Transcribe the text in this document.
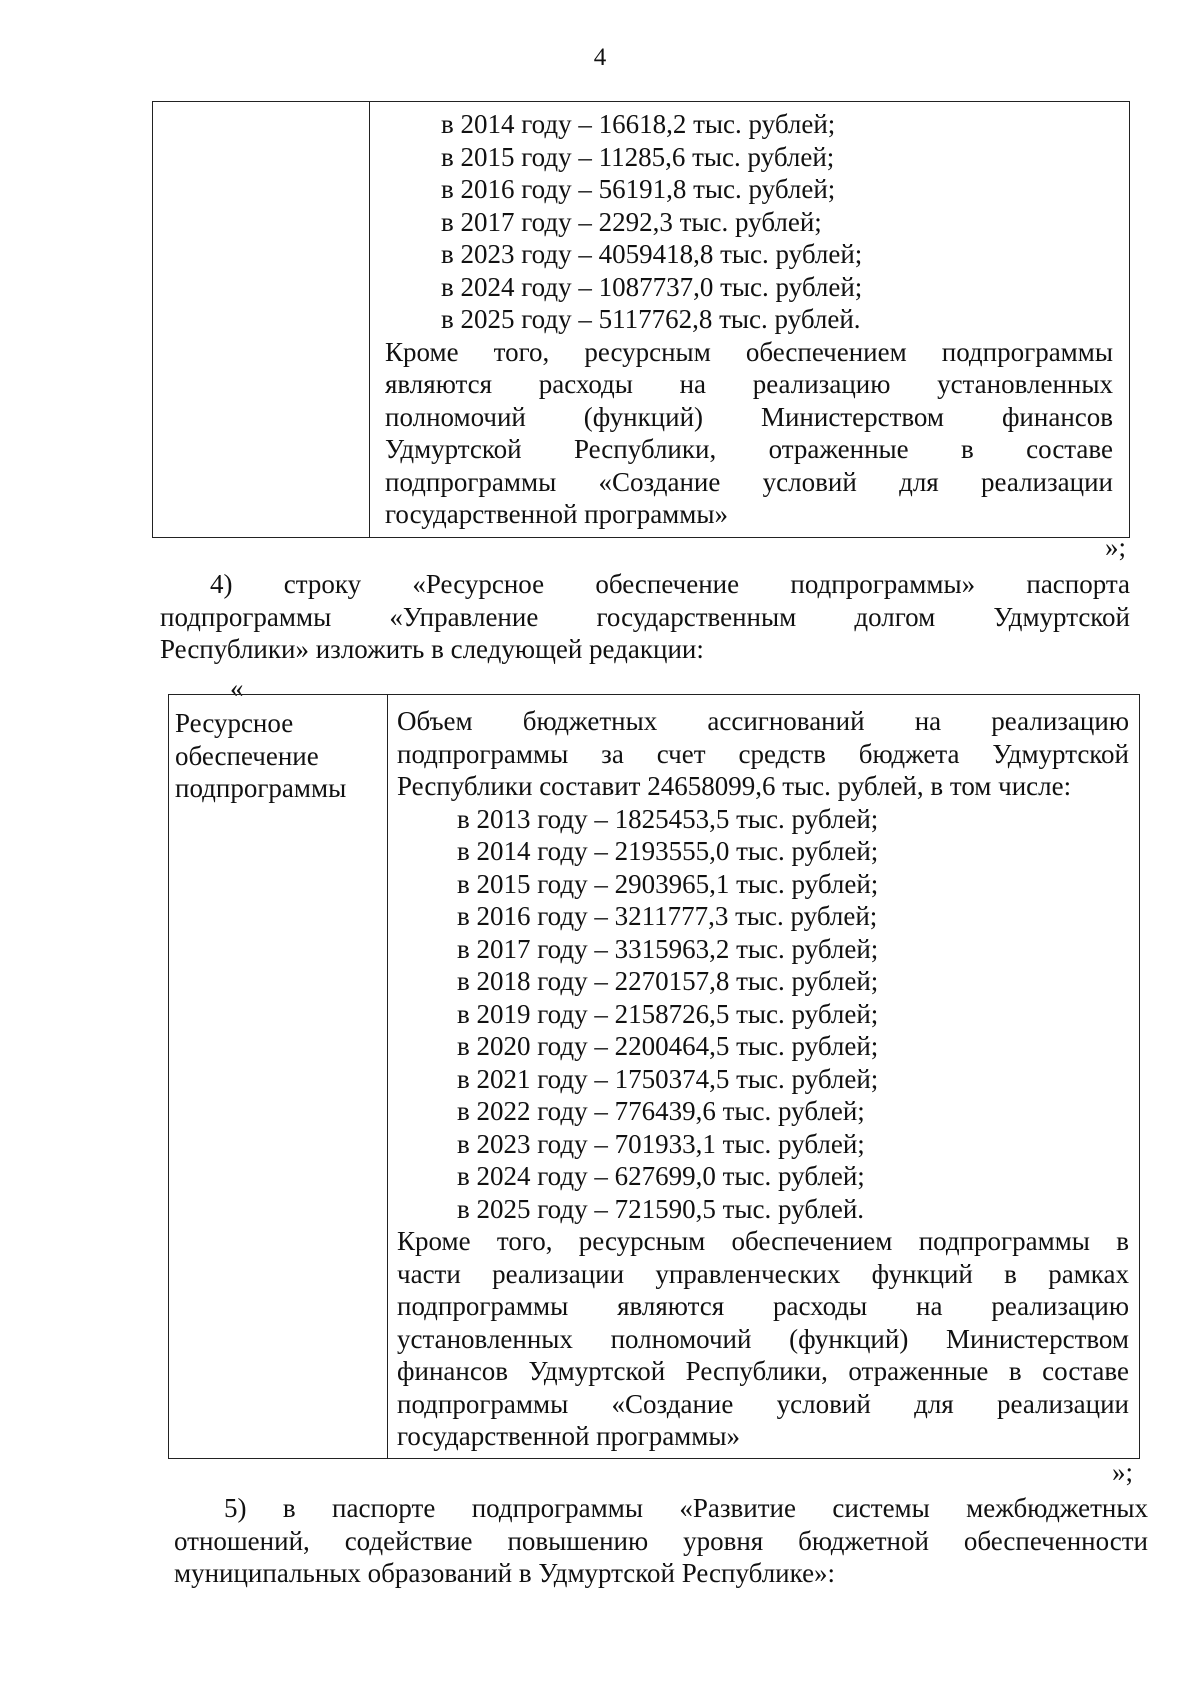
4
в 2014 году – 16618,2 тыс. рублей;
в 2015 году – 11285,6 тыс. рублей;
в 2016 году – 56191,8 тыс. рублей;
в 2017 году – 2292,3 тыс. рублей;
в 2023 году – 4059418,8 тыс. рублей;
в 2024 году – 1087737,0 тыс. рублей;
в 2025 году – 5117762,8 тыс. рублей.
Кроме того, ресурсным обеспечением подпрограммы
являются расходы на реализацию установленных
полномочий (функций) Министерством финансов
Удмуртской Республики, отраженные в составе
подпрограммы «Создание условий для реализации
государственной программы»
»;
4) строку «Ресурсное обеспечение подпрограммы» паспорта
подпрограммы «Управление государственным долгом Удмуртской
Республики» изложить в следующей редакции:
«
Ресурсное
обеспечение
подпрограммы
Объем бюджетных ассигнований на реализацию
подпрограммы за счет средств бюджета Удмуртской
Республики составит 24658099,6 тыс. рублей, в том числе:
в 2013 году – 1825453,5 тыс. рублей;
в 2014 году – 2193555,0 тыс. рублей;
в 2015 году – 2903965,1 тыс. рублей;
в 2016 году – 3211777,3 тыс. рублей;
в 2017 году – 3315963,2 тыс. рублей;
в 2018 году – 2270157,8 тыс. рублей;
в 2019 году – 2158726,5 тыс. рублей;
в 2020 году – 2200464,5 тыс. рублей;
в 2021 году – 1750374,5 тыс. рублей;
в 2022 году – 776439,6 тыс. рублей;
в 2023 году – 701933,1 тыс. рублей;
в 2024 году – 627699,0 тыс. рублей;
в 2025 году – 721590,5 тыс. рублей.
Кроме того, ресурсным обеспечением подпрограммы в
части реализации управленческих функций в рамках
подпрограммы являются расходы на реализацию
установленных полномочий (функций) Министерством
финансов Удмуртской Республики, отраженные в составе
подпрограммы «Создание условий для реализации
государственной программы»
»;
5) в паспорте подпрограммы «Развитие системы межбюджетных
отношений, содействие повышению уровня бюджетной обеспеченности
муниципальных образований в Удмуртской Республике»:
